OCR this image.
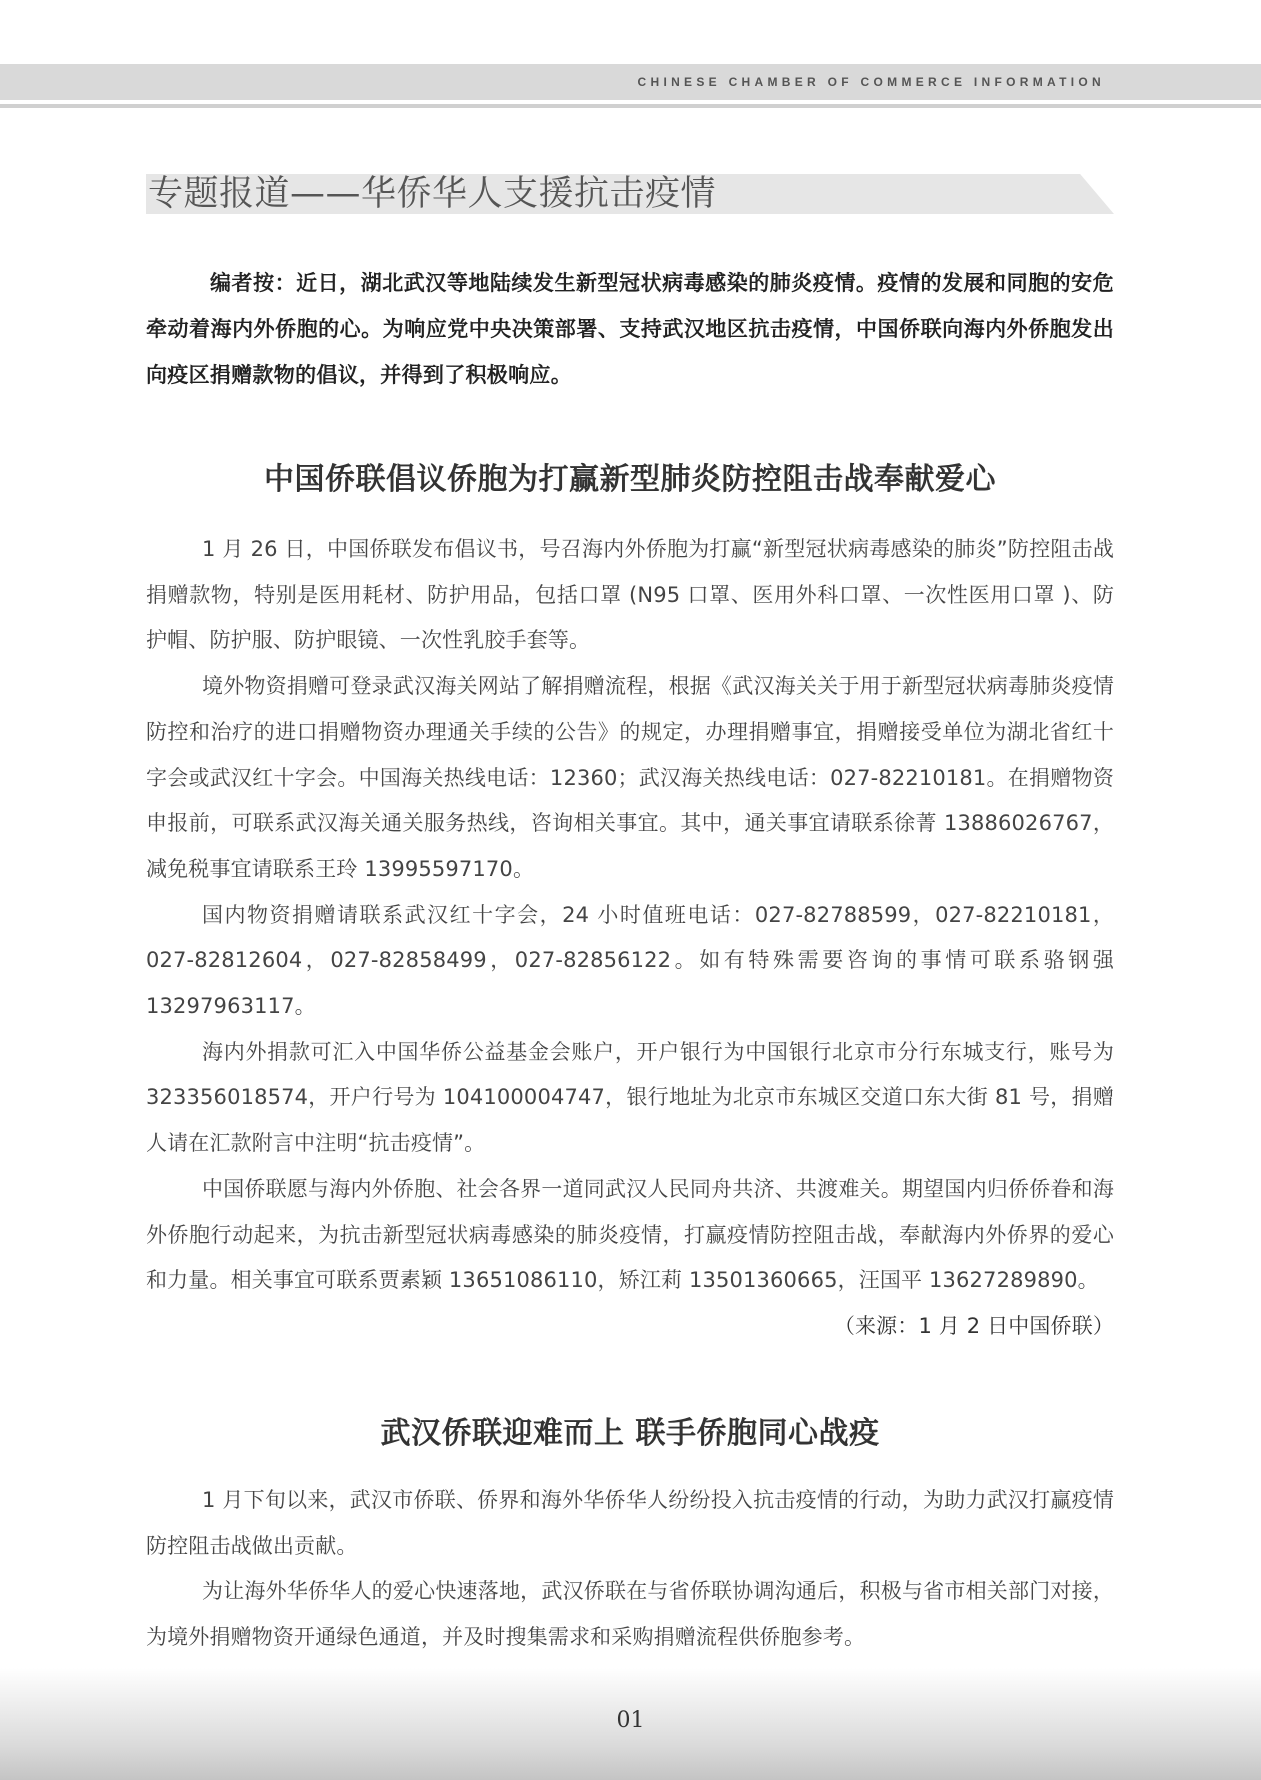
CHINESE CHAMBER OF COMMERCE INFORMATION
专题报道——华侨华人支援抗击疫情
编者按：近日，湖北武汉等地陆续发生新型冠状病毒感染的肺炎疫情。疫情的发展和同胞的安危牵动着海内外侨胞的心。为响应党中央决策部署、支持武汉地区抗击疫情，中国侨联向海内外侨胞发出向疫区捐赠款物的倡议，并得到了积极响应。
中国侨联倡议侨胞为打赢新型肺炎防控阻击战奉献爱心

1 月 26 日，中国侨联发布倡议书，号召海内外侨胞为打赢“新型冠状病毒感染的肺炎”防控阻击战捐赠款物，特别是医用耗材、防护用品，包括口罩 (N95 口罩、医用外科口罩、一次性医用口罩 )、防护帽、防护服、防护眼镜、一次性乳胶手套等。

境外物资捐赠可登录武汉海关网站了解捐赠流程，根据《武汉海关关于用于新型冠状病毒肺炎疫情防控和治疗的进口捐赠物资办理通关手续的公告》的规定，办理捐赠事宜，捐赠接受单位为湖北省红十字会或武汉红十字会。中国海关热线电话：12360；武汉海关热线电话：027-82210181。在捐赠物资申报前，可联系武汉海关通关服务热线，咨询相关事宜。其中，通关事宜请联系徐菁 13886026767，减免税事宜请联系王玲 13995597170。

国内物资捐赠请联系武汉红十字会，24 小时值班电话：027-82788599，027-82210181，027-82812604，027-82858499，027-82856122。如有特殊需要咨询的事情可联系骆钢强 13297963117。

海内外捐款可汇入中国华侨公益基金会账户，开户银行为中国银行北京市分行东城支行，账号为 323356018574，开户行号为 104100004747，银行地址为北京市东城区交道口东大街 81 号，捐赠人请在汇款附言中注明“抗击疫情”。

中国侨联愿与海内外侨胞、社会各界一道同武汉人民同舟共济、共渡难关。期望国内归侨侨眷和海外侨胞行动起来，为抗击新型冠状病毒感染的肺炎疫情，打赢疫情防控阻击战，奉献海内外侨界的爱心和力量。相关事宜可联系贾素颖 13651086110，矫江莉 13501360665，汪国平 13627289890。
（来源：1 月 2 日中国侨联）

武汉侨联迎难而上 联手侨胞同心战疫

1 月下旬以来，武汉市侨联、侨界和海外华侨华人纷纷投入抗击疫情的行动，为助力武汉打赢疫情防控阻击战做出贡献。

为让海外华侨华人的爱心快速落地，武汉侨联在与省侨联协调沟通后，积极与省市相关部门对接，为境外捐赠物资开通绿色通道，并及时搜集需求和采购捐赠流程供侨胞参考。

01
